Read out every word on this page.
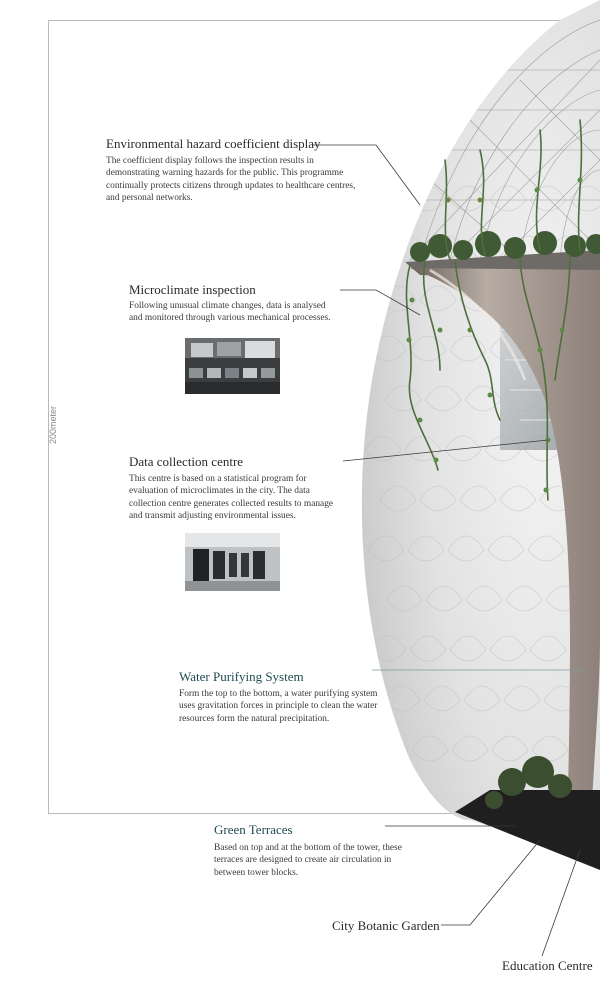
200meter
Environmental hazard coefficient display
The coefficient display follows the inspection results in demonstrating warning hazards for the public. This programme continually protects citizens through updates to healthcare centres, and personal networks.
Microclimate inspection
Following unusual climate changes, data is analysed and monitored through various mechanical processes.
Data collection centre
This centre is based on a statistical program for evaluation of microclimates in the city. The data collection centre generates collected results to manage and transmit adjusting environmental issues.
Water Purifying System
Form the top to the bottom, a water purifying system uses gravitation forces in principle to clean the water resources form the natural precipitation.
Green Terraces
Based on top and at the bottom of the tower, these terraces are designed to create air circulation in between tower blocks.
City Botanic Garden
Education Centre
